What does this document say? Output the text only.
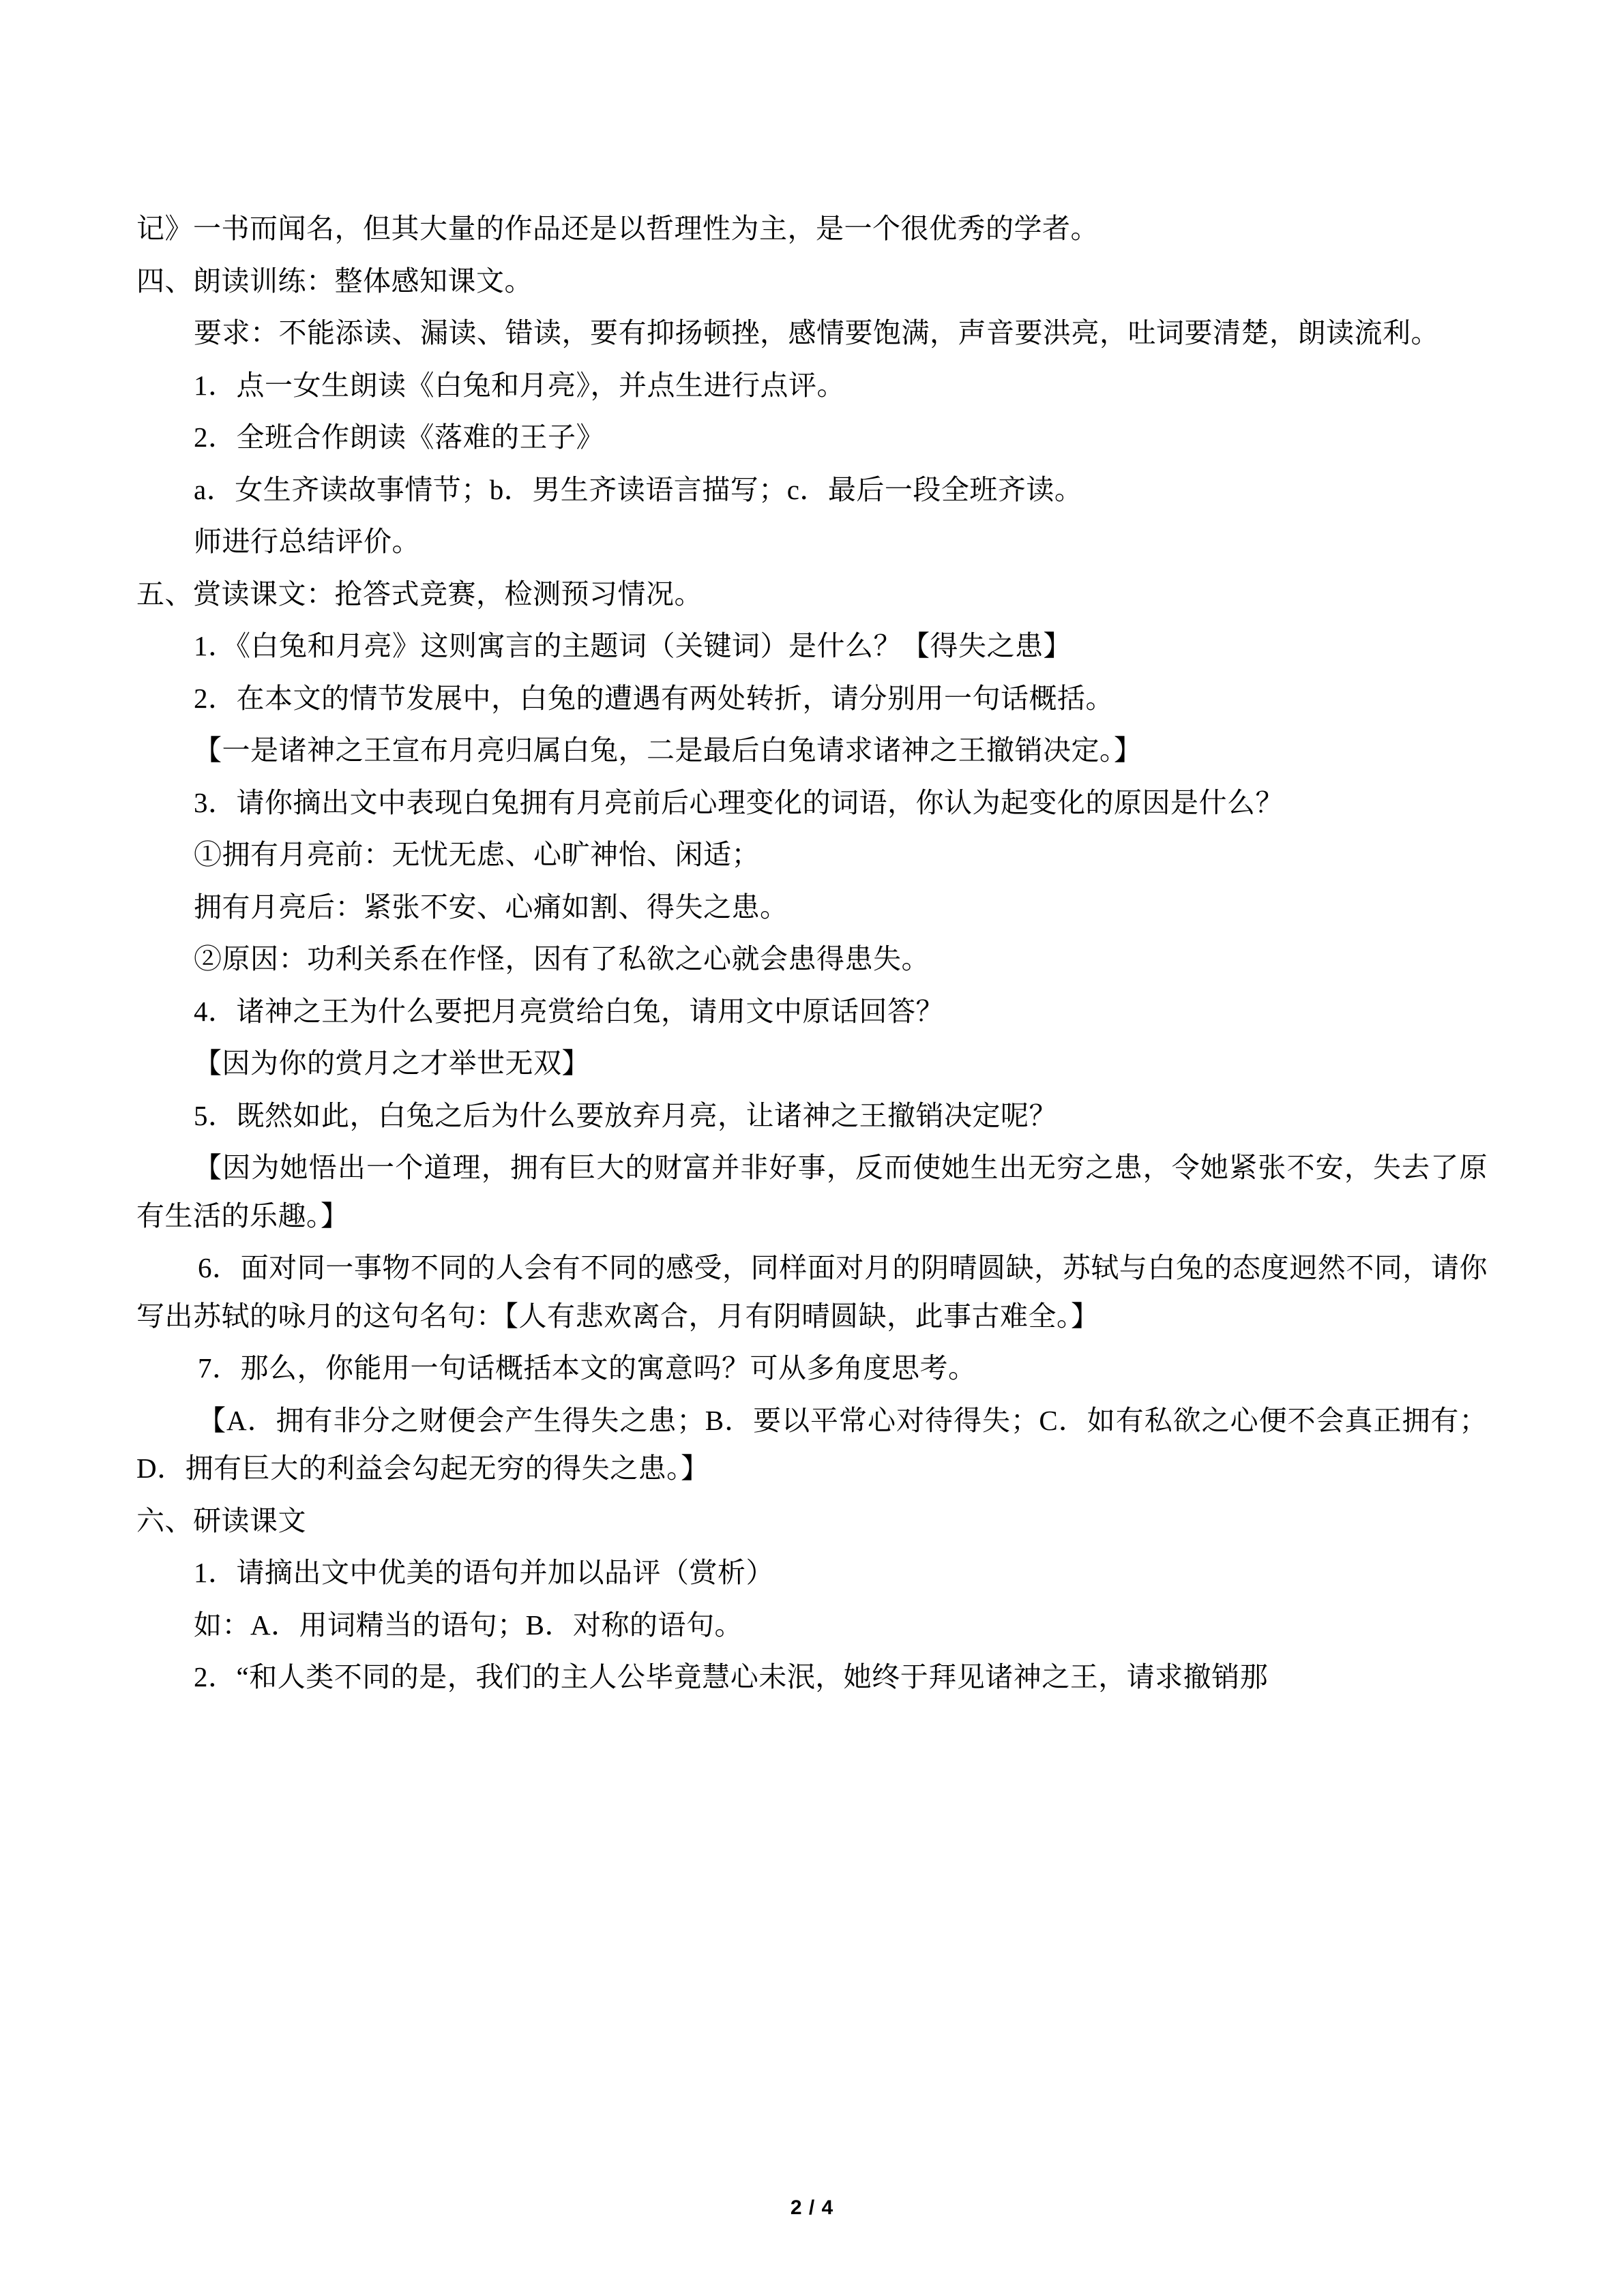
记》一书而闻名，但其大量的作品还是以哲理性为主，是一个很优秀的学者。

四、朗读训练：整体感知课文。

要求：不能添读、漏读、错读，要有抑扬顿挫，感情要饱满，声音要洪亮，吐词要清楚，朗读流利。

1．点一女生朗读《白兔和月亮》，并点生进行点评。

2．全班合作朗读《落难的王子》

a．女生齐读故事情节；b．男生齐读语言描写；c．最后一段全班齐读。

师进行总结评价。

五、赏读课文：抢答式竞赛，检测预习情况。

1．《白兔和月亮》这则寓言的主题词（关键词）是什么？【得失之患】

2．在本文的情节发展中，白兔的遭遇有两处转折，请分别用一句话概括。

【一是诸神之王宣布月亮归属白兔，二是最后白兔请求诸神之王撤销决定。】

3．请你摘出文中表现白兔拥有月亮前后心理变化的词语，你认为起变化的原因是什么？

①拥有月亮前：无忧无虑、心旷神怡、闲适；

拥有月亮后：紧张不安、心痛如割、得失之患。

②原因：功利关系在作怪，因有了私欲之心就会患得患失。

4．诸神之王为什么要把月亮赏给白兔，请用文中原话回答？

【因为你的赏月之才举世无双】

5．既然如此，白兔之后为什么要放弃月亮，让诸神之王撤销决定呢？

【因为她悟出一个道理，拥有巨大的财富并非好事，反而使她生出无穷之患，令她紧张不安，失去了原有生活的乐趣。】

6．面对同一事物不同的人会有不同的感受，同样面对月的阴晴圆缺，苏轼与白兔的态度迥然不同，请你写出苏轼的咏月的这句名句：【人有悲欢离合，月有阴晴圆缺，此事古难全。】

7．那么，你能用一句话概括本文的寓意吗？可从多角度思考。

【A．拥有非分之财便会产生得失之患；B．要以平常心对待得失；C．如有私欲之心便不会真正拥有；D．拥有巨大的利益会勾起无穷的得失之患。】

六、研读课文

1．请摘出文中优美的语句并加以品评（赏析）

如：A．用词精当的语句；B．对称的语句。

2．“和人类不同的是，我们的主人公毕竟慧心未泯，她终于拜见诸神之王，请求撤销那

2 / 4
